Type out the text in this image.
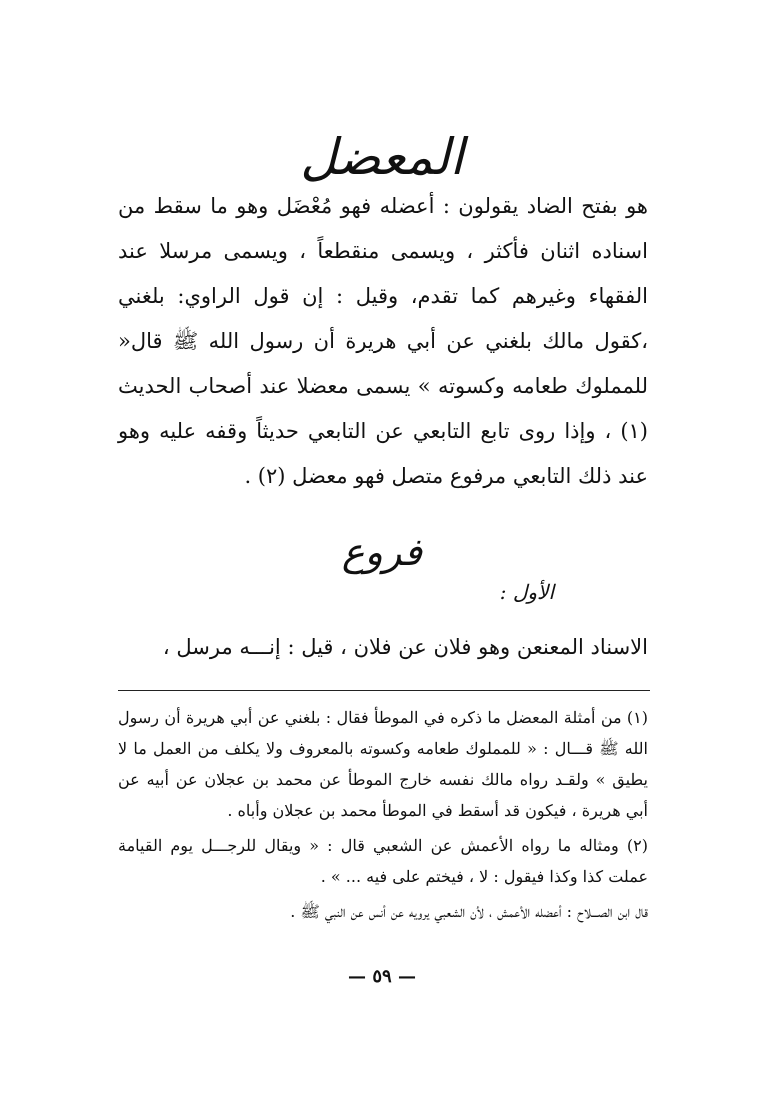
المعضل

هو بفتح الضاد يقولون : أعضله فهو مُعْضَل وهو ما سقط من اسناده اثنان فأكثر ، ويسمى منقطعاً ، ويسمى مرسلا عند الفقهاء وغيرهم كما تقدم، وقيل : إن قول الراوي: بلغني ،كقول مالك بلغني عن أبي هريرة أن رسول الله ﷺ قال« للمملوك طعامه وكسوته » يسمى معضلا عند أصحاب الحديث (١) ، وإذا روى تابع التابعي عن التابعي حديثاً وقفه عليه وهو عند ذلك التابعي مرفوع متصل فهو معضل (٢) .

فروع
الأول :

الاسناد المعنعن وهو فلان عن فلان ، قيل : إنـــه مرسل ،

(١) من أمثلة المعضل ما ذكره في الموطأ فقال : بلغني عن أبي هريرة أن رسول الله ﷺ قـــال : « للمملوك طعامه وكسوته بالمعروف ولا يكلف من العمل ما لا يطيق » ولقـد رواه مالك نفسه خارج الموطأ عن محمد بن عجلان عن أبيه عن أبي هريرة ، فيكون قد أسقط في الموطأ محمد بن عجلان وأباه .

(٢) ومثاله ما رواه الأعمش عن الشعبي قال : « ويقال للرجـــل يوم القيامة عملت كذا وكذا فيقول : لا ، فيختم على فيه ... » .

قال ابن الصـــلاح : أعضله الأعمش ، لأن الشعبي يرويه عن أنس عن النبي ﷺ .

— ٥٩ —
